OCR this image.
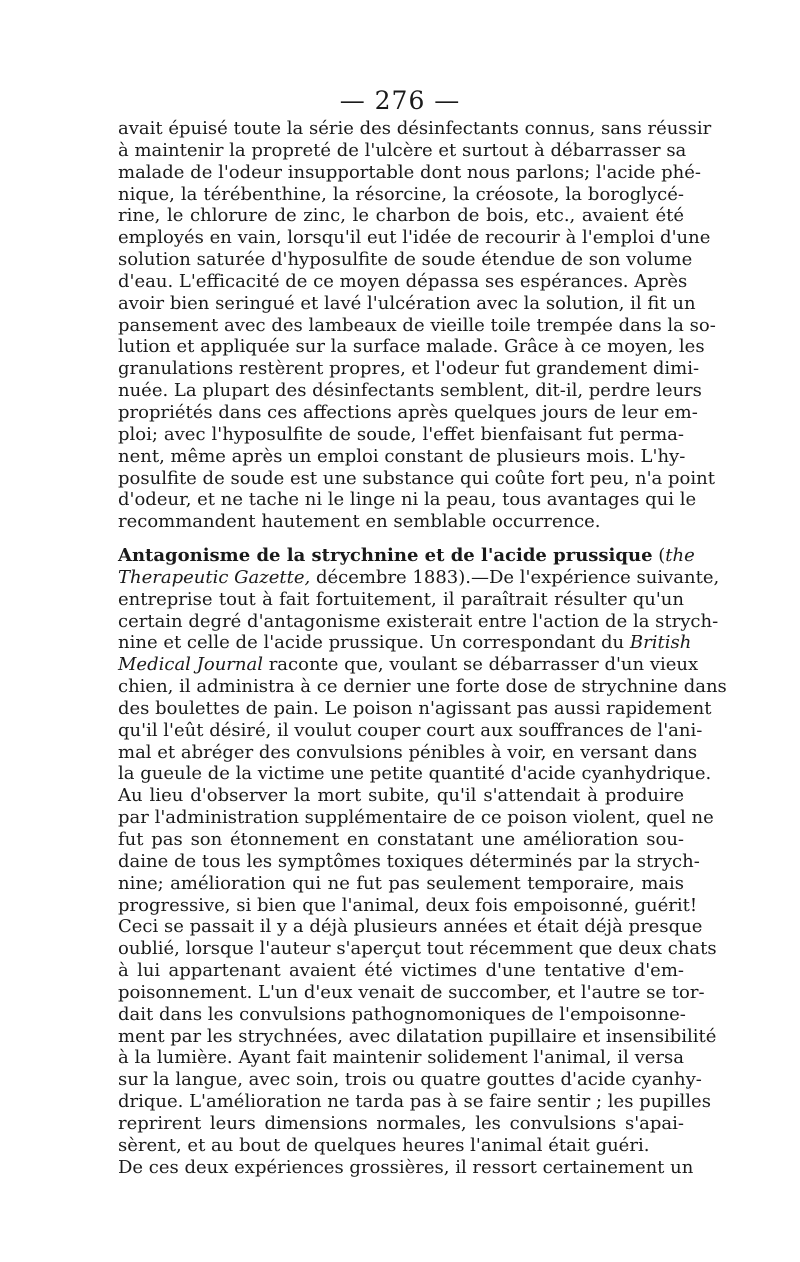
— 276 —
avait épuisé toute la série des désinfectants connus, sans réussir
à maintenir la propreté de l'ulcère et surtout à débarrasser sa
malade de l'odeur insupportable dont nous parlons; l'acide phé-
nique, la térébenthine, la résorcine, la créosote, la boroglycé-
rine, le chlorure de zinc, le charbon de bois, etc., avaient été
employés en vain, lorsqu'il eut l'idée de recourir à l'emploi d'une
solution saturée d'hyposulfite de soude étendue de son volume
d'eau. L'efficacité de ce moyen dépassa ses espérances. Après
avoir bien seringué et lavé l'ulcération avec la solution, il fit un
pansement avec des lambeaux de vieille toile trempée dans la so-
lution et appliquée sur la surface malade. Grâce à ce moyen, les
granulations restèrent propres, et l'odeur fut grandement dimi-
nuée. La plupart des désinfectants semblent, dit-il, perdre leurs
propriétés dans ces affections après quelques jours de leur em-
ploi; avec l'hyposulfite de soude, l'effet bienfaisant fut perma-
nent, même après un emploi constant de plusieurs mois. L'hy-
posulfite de soude est une substance qui coûte fort peu, n'a point
d'odeur, et ne tache ni le linge ni la peau, tous avantages qui le
recommandent hautement en semblable occurrence.
Antagonisme de la strychnine et de l'acide prussique (the
Therapeutic Gazette, décembre 1883).—De l'expérience suivante,
entreprise tout à fait fortuitement, il paraîtrait résulter qu'un
certain degré d'antagonisme existerait entre l'action de la strych-
nine et celle de l'acide prussique. Un correspondant du British
Medical Journal raconte que, voulant se débarrasser d'un vieux
chien, il administra à ce dernier une forte dose de strychnine dans
des boulettes de pain. Le poison n'agissant pas aussi rapidement
qu'il l'eût désiré, il voulut couper court aux souffrances de l'ani-
mal et abréger des convulsions pénibles à voir, en versant dans
la gueule de la victime une petite quantité d'acide cyanhydrique.
Au lieu d'observer la mort subite, qu'il s'attendait à produire
par l'administration supplémentaire de ce poison violent, quel ne
fut pas son étonnement en constatant une amélioration sou-
daine de tous les symptômes toxiques déterminés par la strych-
nine; amélioration qui ne fut pas seulement temporaire, mais
progressive, si bien que l'animal, deux fois empoisonné, guérit!
Ceci se passait il y a déjà plusieurs années et était déjà presque
oublié, lorsque l'auteur s'aperçut tout récemment que deux chats
à lui appartenant avaient été victimes d'une tentative d'em-
poisonnement. L'un d'eux venait de succomber, et l'autre se tor-
dait dans les convulsions pathognomoniques de l'empoisonne-
ment par les strychnées, avec dilatation pupillaire et insensibilité
à la lumière. Ayant fait maintenir solidement l'animal, il versa
sur la langue, avec soin, trois ou quatre gouttes d'acide cyanhy-
drique. L'amélioration ne tarda pas à se faire sentir ; les pupilles
reprirent leurs dimensions normales, les convulsions s'apai-
sèrent, et au bout de quelques heures l'animal était guéri.
De ces deux expériences grossières, il ressort certainement un
